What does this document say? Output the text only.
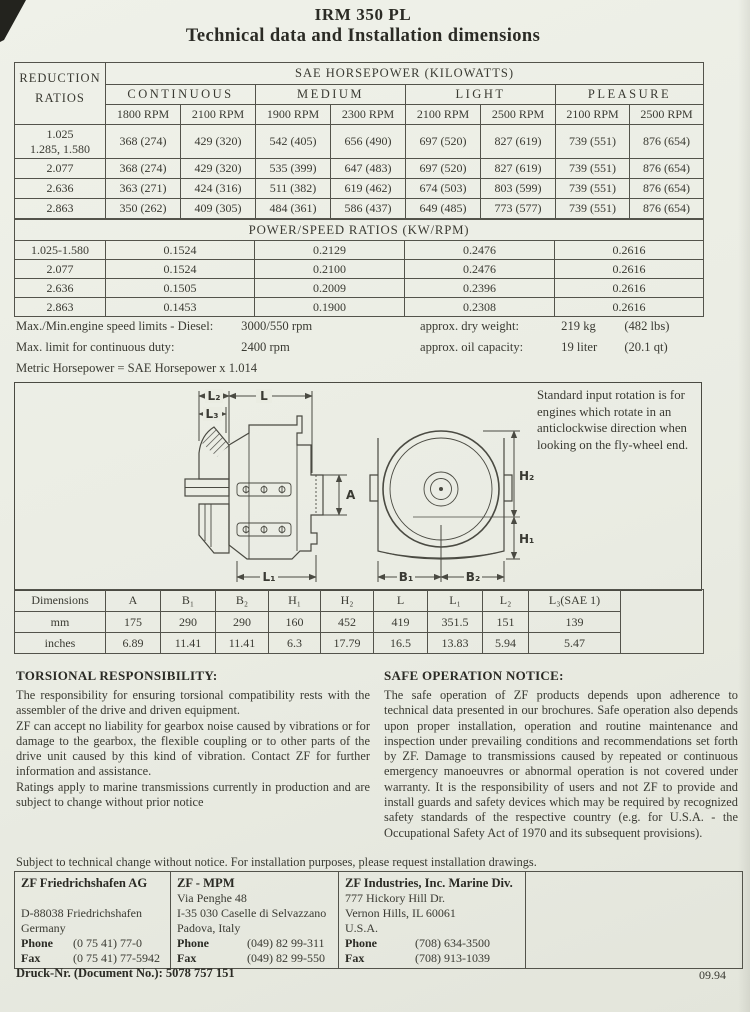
IRM 350 PL
Technical data and Installation dimensions
REDUCTION
RATIOS	SAE HORSEPOWER (KILOWATTS)							
	CONTINUOUS		MEDIUM		LIGHT		PLEASURE	
	1800 RPM	2100 RPM	1900 RPM	2300 RPM	2100 RPM	2500 RPM	2100 RPM	2500 RPM

1.025
1.285, 1.580	368 (274)	429 (320)	542 (405)	656 (490)	697 (520)	827 (619)	739 (551)	876 (654)
2.077	368 (274)	429 (320)	535 (399)	647 (483)	697 (520)	827 (619)	739 (551)	876 (654)
2.636	363 (271)	424 (316)	511 (382)	619 (462)	674 (503)	803 (599)	739 (551)	876 (654)
2.863	350 (262)	409 (305)	484 (361)	586 (437)	649 (485)	773 (577)	739 (551)	876 (654)
POWER/SPEED RATIOS (KW/RPM)				
1.025-1.580	0.1524	0.2129	0.2476	0.2616
2.077	0.1524	0.2100	0.2476	0.2616
2.636	0.1505	0.2009	0.2396	0.2616
2.863	0.1453	0.1900	0.2308	0.2616
Max./Min.engine speed limits - Diesel: 3000/550 rpm
Max. limit for continuous duty:	2400 rpm
Metric Horsepower = SAE Horsepower x 1.014
approx. dry weight:	219 kg (482 lbs)
approx. oil capacity:	19 liter (20.1 qt)
L₂	L
L₃
L₁
A
H₂
H₁
B₁	B₂
Standard input rotation is for engines which rotate in an anticlockwise direction when looking on the fly-wheel end.
Dimensions	A	B₁	B₂	H₁	H₂	L	L₁	L₂	L₃(SAE 1)	
mm	175	290	290	160	452	419	351.5	151	139	
inches	6.89	11.41	11.41	6.3	17.79	16.5	13.83	5.94	5.47	
TORSIONAL RESPONSIBILITY:

The responsibility for ensuring torsional compatibility rests with the assembler of the drive and driven equipment.

ZF can accept no liability for gearbox noise caused by vibrations or for damage to the gearbox, the flexible coupling or to other parts of the drive unit caused by this kind of vibration. Contact ZF for further information and assistance.

Ratings apply to marine transmissions currently in production and are subject to change without prior notice

SAFE OPERATION NOTICE:

The safe operation of ZF products depends upon adherence to technical data presented in our brochures. Safe operation also depends upon proper installation, operation and routine maintenance and inspection under prevailing conditions and recommendations set forth by ZF. Damage to transmissions caused by repeated or continuous emergency manoeuvres or abnormal operation is not covered under warranty. It is the responsibility of users and not ZF to provide and install guards and safety devices which may be required by recognized safety standards of the respective country (e.g. for U.S.A. - the Occupational Safety Act of 1970 and its subsequent provisions).

Subject to technical change without notice. For installation purposes, please request installation drawings.
ZF Friedrichshafen AG
D-88038 Friedrichshafen
Germany
Phone	(0 75 41) 77-0
Fax	(0 75 41) 77-5942

ZF - MPM
Via Penghe 48
I-35 030 Caselle di Selvazzano
Padova, Italy
Phone	(049) 82 99-311
Fax	(049) 82 99-550

ZF Industries, Inc. Marine Div.
777 Hickory Hill Dr.
Vernon Hills, IL 60061
U.S.A.
Phone	(708) 634-3500
Fax	(708) 913-1039

Druck-Nr. (Document No.): 5078 757 151	09.94
